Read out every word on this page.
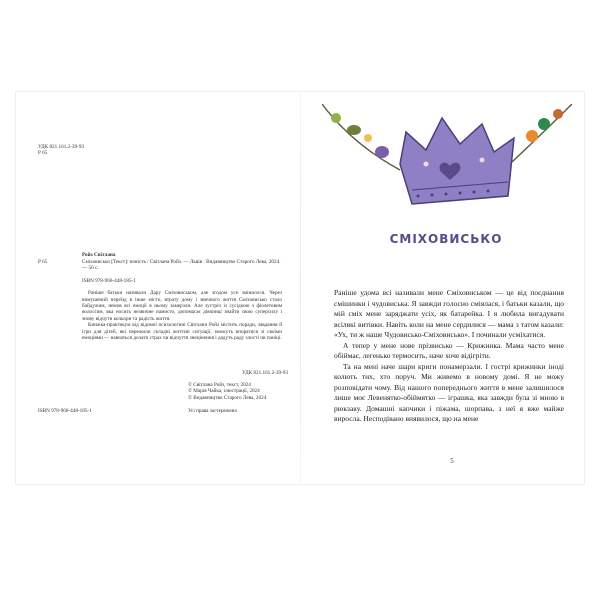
УДК 821.161.2-39-93
Р 65
Ройз Світлана
Р 65	Сміховисько [Текст]: повість / Світлана Ройз. — Львів : Видавництво Старого Лева, 2024. — 56 с.

ISBN 978-966-448-185-1

Раніше батьки називали Дару Сміховиськом, але згодом усе змінилося. Через вимушений переїзд в інше місто, втрату дому і звичного життя Сміховисько стало байдужим, немов всі емоції в ньому замерзли. Але зустріч із сусідкою з фіолетовим волоссям, яка носить незвичне намисто, допомагає дівчинці знайти свою суперсилу і знову відчути кольори та радість життя.

Книжка-практикум від відомої психологині Світлани Ройз містить поради, завдання й ігри для дітей, які пережили складні життєві ситуації, зможуть впоратися зі своїми емоціями — навчаться долати страх чи відчуття знецінення і дадуть раду злості чи паніці.

УДК 821.161.2-39-93

© Світлана Ройз, текст, 2024

© Марія Чайка, ілюстрації, 2024

© Видавництво Старого Лева, 2024

ISBN 978-966-448-185-1	Усі права застережено
СМІХОВИСЬКО

Раніше удома всі називали мене Сміховиськом — це від поєднання смішинки і чудовиська. Я завжди голосно сміялася, і батьки казали, що мій сміх мене заряджати усіх, як батарейка. І я любила вигадувати всілякі витівки. Навіть коли на мене сердилися — мама з татом казали: «Ух, ти ж наше Чудовисько-Сміховисько». І починали усміхатися.

А тепер у мене нове прізвисько — Крижинка. Мама часто мене обіймає, легенько термосить, наче хоче відігріти.

Та на мені наче шари криги понамерзали. І гострі крижинки іноді колють тих, хто поруч. Ми живемо в новому домі. Я не можу розповідати чому. Від нашого попереднього життя в мене залишилося лише моє Левенятко-обіймятко — іграшка, яка завжди була зі мною в рюкзаку. Домашні капчики і піжама, шорпава, з неї я вже майже виросла. Несподівано виявилося, що на мене

5
